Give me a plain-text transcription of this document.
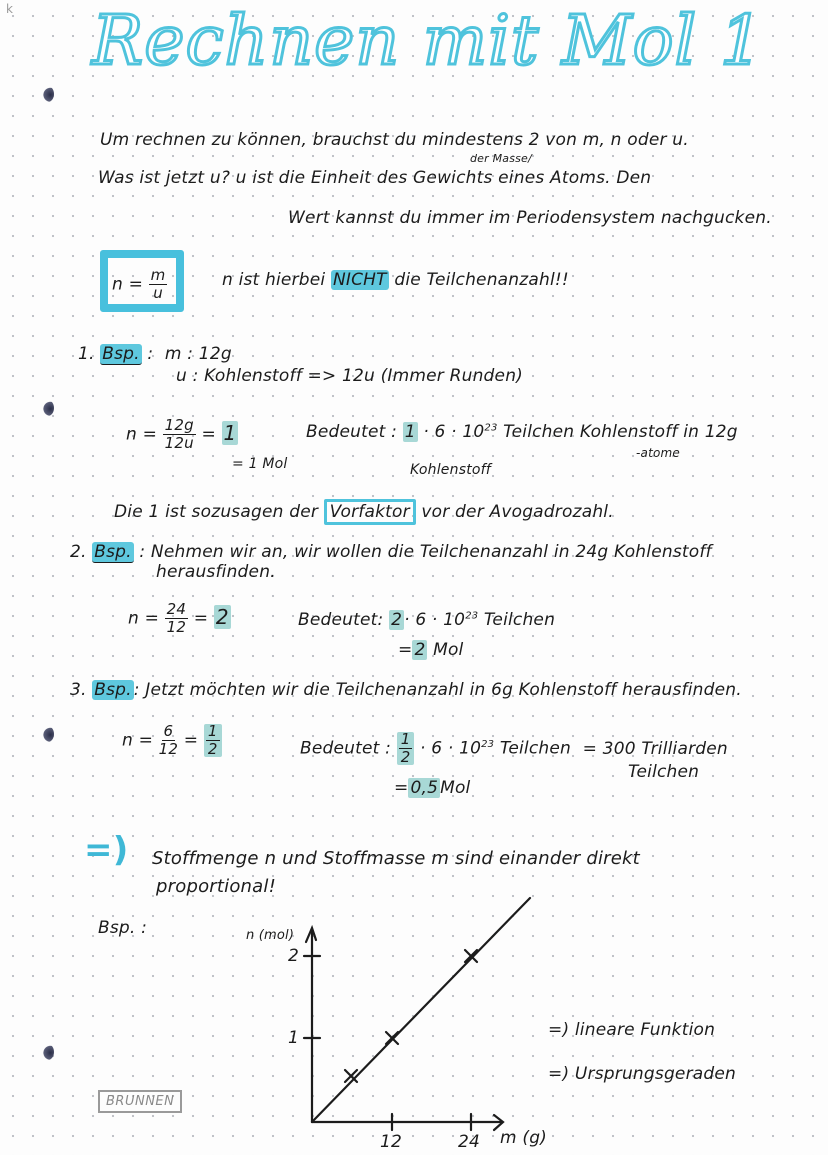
k Rechnen mit Mol 1
Um rechnen zu können, brauchst du mindestens 2 von m, n oder u.
der Masse/
Was ist jetzt u? u ist die Einheit des Gewichts eines Atoms. Den
Wert kannst du immer im Periodensystem nachgucken.
$n = \frac{m}{u}$	n ist hierbei NICHT die Teilchenanzahl!!
1. Bsp. : m : 12g
u : Kohlenstoff => 12u (Immer Runden)
$n = \frac{12g}{12u} = 1$
= 1 Mol
Bedeutet : $1 \cdot 6 \cdot 10^{23}$ Teilchen Kohlenstoff in 12g
-atome
Kohlenstoff
Die 1 ist sozusagen der Vorfaktor vor der Avogadrozahl.
2. Bsp. : Nehmen wir an, wir wollen die Teilchenanzahl in 24g Kohlenstoff
herausfinden.
$n = \frac{24}{12} = 2$	Bedeutet: $2 \cdot 6 \cdot 10^{23}$ Teilchen
= 2 Mol
3. Bsp. : Jetzt möchten wir die Teilchenanzahl in 6g Kohlenstoff herausfinden.
$n = \frac{6}{12} = \frac{1}{2}$	Bedeutet : $\frac{1}{2} \cdot 6 \cdot 10^{23}$ Teilchen = 300 Trilliarden
Teilchen
= 0,5 Mol
=) Stoffmenge n und Stoffmasse m sind einander direkt
proportional!
Bsp. :	n (mol)
2
1
12	24 m (g)
=) lineare Funktion
=) Ursprungsgeraden
BRUNNEN
